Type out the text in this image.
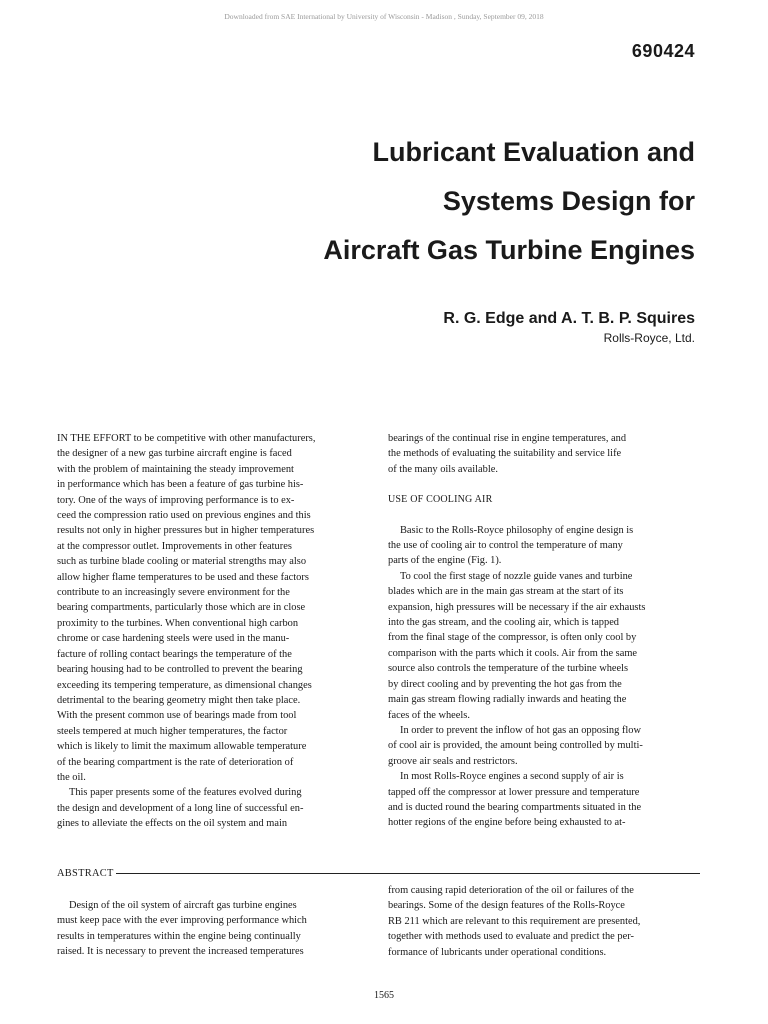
Downloaded from SAE International by University of Wisconsin - Madison , Sunday, September 09, 2018
690424
Lubricant Evaluation and
Systems Design for
Aircraft Gas Turbine Engines
R. G. Edge and A. T. B. P. Squires
Rolls-Royce, Ltd.

IN THE EFFORT to be competitive with other manufacturers,

the designer of a new gas turbine aircraft engine is faced

with the problem of maintaining the steady improvement

in performance which has been a feature of gas turbine his-

tory. One of the ways of improving performance is to ex-

ceed the compression ratio used on previous engines and this

results not only in higher pressures but in higher temperatures

at the compressor outlet. Improvements in other features

such as turbine blade cooling or material strengths may also

allow higher flame temperatures to be used and these factors

contribute to an increasingly severe environment for the

bearing compartments, particularly those which are in close

proximity to the turbines. When conventional high carbon

chrome or case hardening steels were used in the manu-

facture of rolling contact bearings the temperature of the

bearing housing had to be controlled to prevent the bearing

exceeding its tempering temperature, as dimensional changes

detrimental to the bearing geometry might then take place.

With the present common use of bearings made from tool

steels tempered at much higher temperatures, the factor

which is likely to limit the maximum allowable temperature

of the bearing compartment is the rate of deterioration of

the oil.

This paper presents some of the features evolved during

the design and development of a long line of successful en-

gines to alleviate the effects on the oil system and main

bearings of the continual rise in engine temperatures, and

the methods of evaluating the suitability and service life

of the many oils available.

USE OF COOLING AIR

Basic to the Rolls-Royce philosophy of engine design is

the use of cooling air to control the temperature of many

parts of the engine (Fig. 1).

To cool the first stage of nozzle guide vanes and turbine

blades which are in the main gas stream at the start of its

expansion, high pressures will be necessary if the air exhausts

into the gas stream, and the cooling air, which is tapped

from the final stage of the compressor, is often only cool by

comparison with the parts which it cools. Air from the same

source also controls the temperature of the turbine wheels

by direct cooling and by preventing the hot gas from the

main gas stream flowing radially inwards and heating the

faces of the wheels.

In order to prevent the inflow of hot gas an opposing flow

of cool air is provided, the amount being controlled by multi-

groove air seals and restrictors.

In most Rolls-Royce engines a second supply of air is

tapped off the compressor at lower pressure and temperature

and is ducted round the bearing compartments situated in the

hotter regions of the engine before being exhausted to at-

ABSTRACT

Design of the oil system of aircraft gas turbine engines

must keep pace with the ever improving performance which

results in temperatures within the engine being continually

raised. It is necessary to prevent the increased temperatures

from causing rapid deterioration of the oil or failures of the

bearings. Some of the design features of the Rolls-Royce

RB 211 which are relevant to this requirement are presented,

together with methods used to evaluate and predict the per-

formance of lubricants under operational conditions.

1565
